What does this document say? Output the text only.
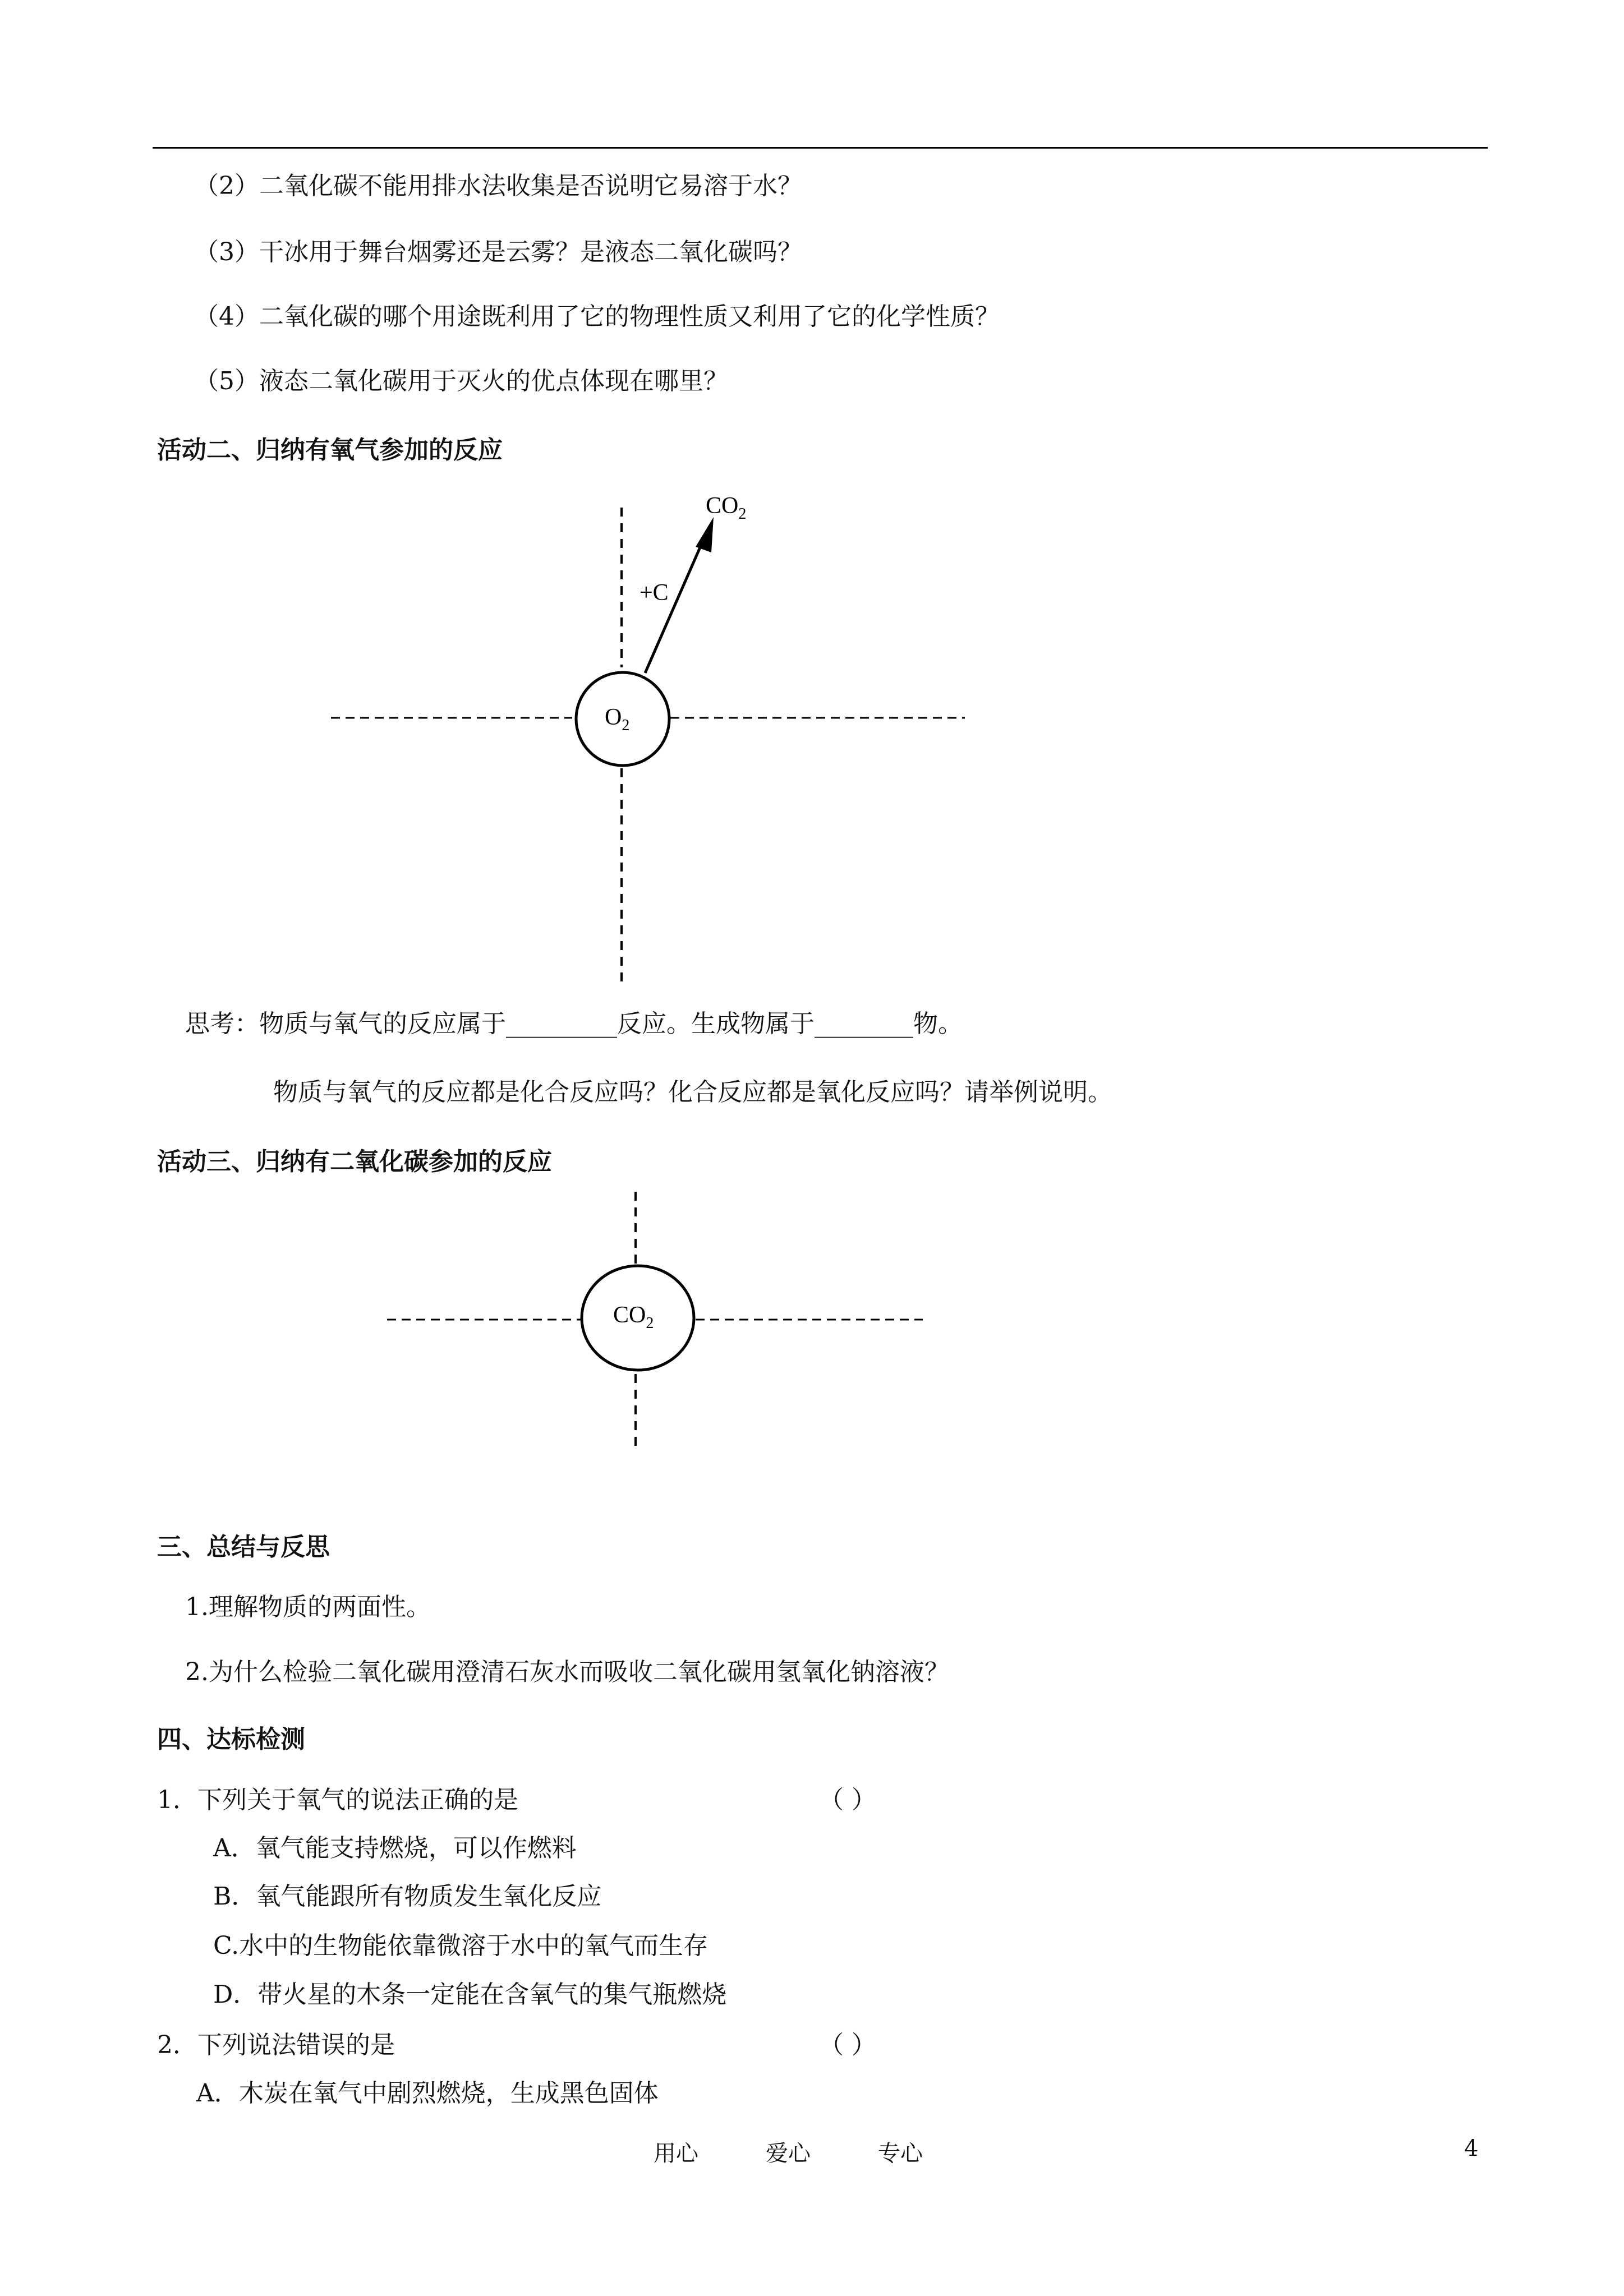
（2）二氧化碳不能用排水法收集是否说明它易溶于水？
（3）干冰用于舞台烟雾还是云雾？是液态二氧化碳吗？
（4）二氧化碳的哪个用途既利用了它的物理性质又利用了它的化学性质？
（5）液态二氧化碳用于灭火的优点体现在哪里？
活动二、归纳有氧气参加的反应
$O_2$
$CO_2$
+C
思考：物质与氧气的反应属于_________反应。生成物属于________物。
物质与氧气的反应都是化合反应吗？化合反应都是氧化反应吗？请举例说明。
活动三、归纳有二氧化碳参加的反应
$CO_2$
三、总结与反思
1.理解物质的两面性。
2.为什么检验二氧化碳用澄清石灰水而吸收二氧化碳用氢氧化钠溶液？
四、达标检测
1．下列关于氧气的说法正确的是	（ ）
A．氧气能支持燃烧，可以作燃料
B．氧气能跟所有物质发生氧化反应
C.水中的生物能依靠微溶于水中的氧气而生存
D．带火星的木条一定能在含氧气的集气瓶燃烧
2．下列说法错误的是	（ ）
A．木炭在氧气中剧烈燃烧，生成黑色固体
用心	爱心	专心	4
